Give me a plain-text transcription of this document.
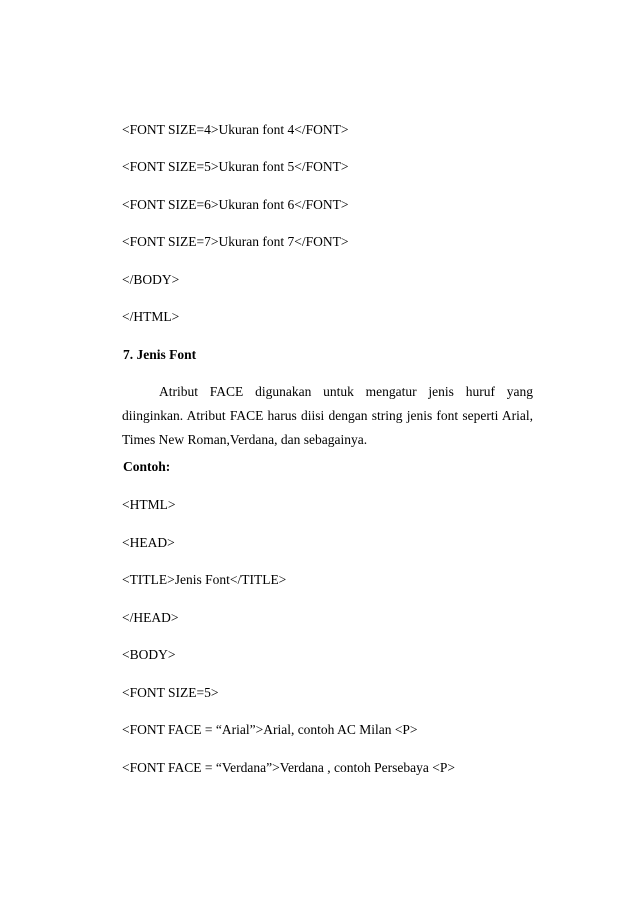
<FONT SIZE=4>Ukuran font 4</FONT>
<FONT SIZE=5>Ukuran font 5</FONT>
<FONT SIZE=6>Ukuran font 6</FONT>
<FONT SIZE=7>Ukuran font 7</FONT>
</BODY>
</HTML>
7. Jenis Font
Atribut FACE digunakan untuk mengatur jenis huruf yang diinginkan. Atribut FACE harus diisi dengan string jenis font seperti Arial, Times New Roman,Verdana, dan sebagainya.
Contoh:
<HTML>
<HEAD>
<TITLE>Jenis Font</TITLE>
</HEAD>
<BODY>
<FONT SIZE=5>
<FONT FACE = “Arial”>Arial, contoh AC Milan <P>
<FONT FACE = “Verdana”>Verdana , contoh Persebaya <P>
